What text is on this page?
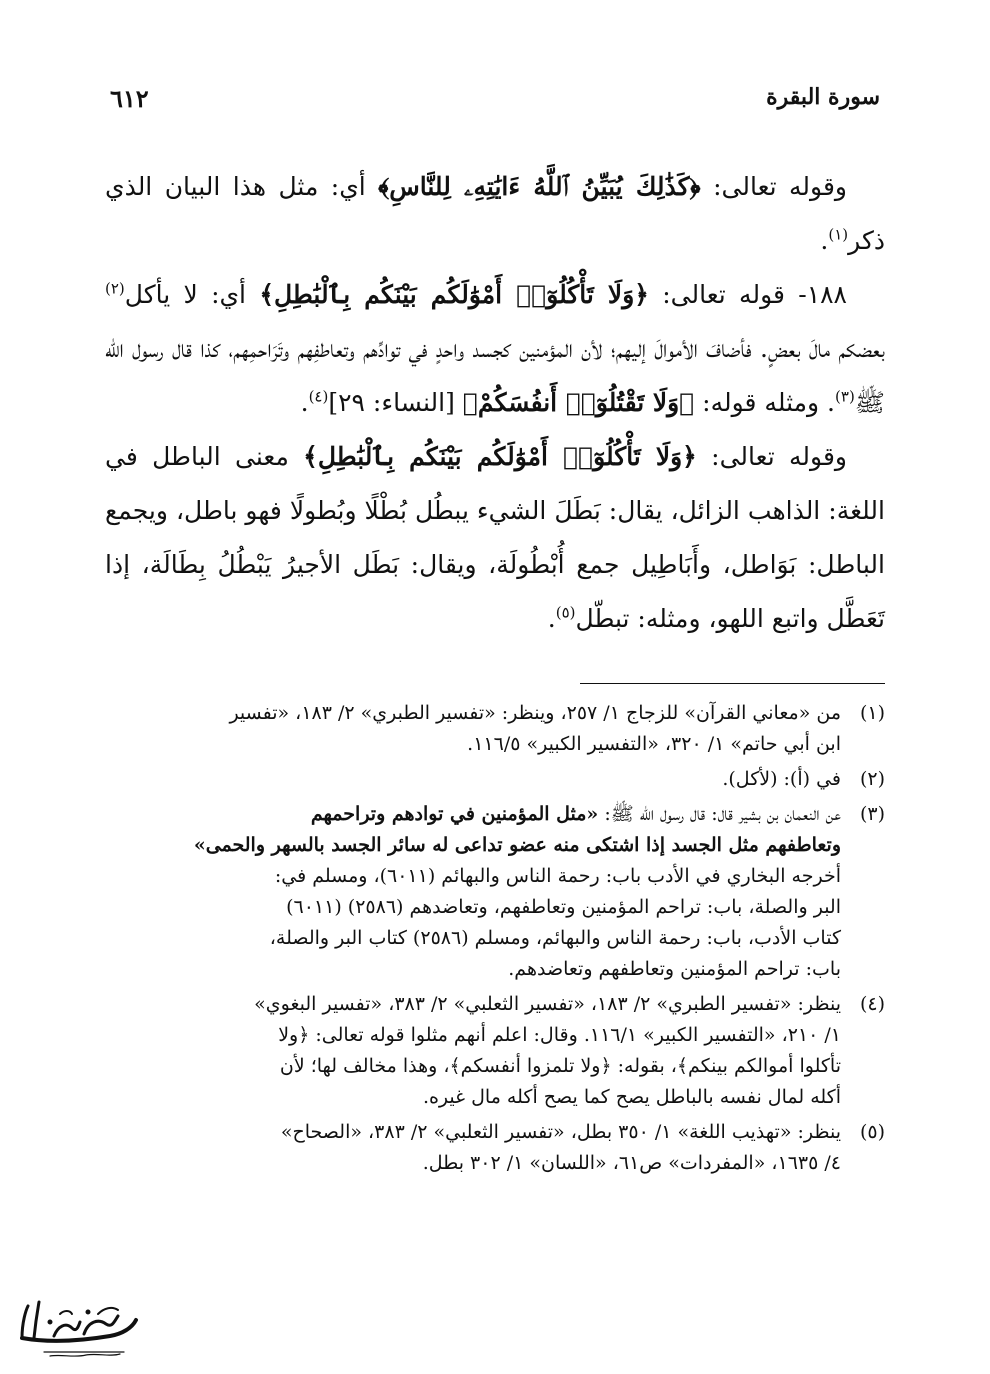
سورة البقرة
٦١٢

وقوله تعالى: ﴿كَذَٰلِكَ يُبَيِّنُ ٱللَّهُ ءَايَٰتِهِۦ لِلنَّاسِ﴾ أي: مثل هذا البيان الذي ذكر$^{(١)}$.

١٨٨- قوله تعالى: ﴿وَلَا تَأْكُلُوٓا۟ أَمْوَٰلَكُم بَيْنَكُم بِٱلْبَٰطِلِ﴾ أي: لا يأكل$^{(٢)}$ بعضكم مالَ بعضٍ. فأضافَ الأموالَ إليهم؛ لأن المؤمنين كجسد واحدٍ في توادِّهم وتعاطفِهم وتَرَاحمِهم، كذا قال رسول الله ﷺ$^{(٣)}$. ومثله قوله: ﴿وَلَا تَقْتُلُوٓا۟ أَنفُسَكُمْ﴾ [النساء: ٢٩]$^{(٤)}$.

وقوله تعالى: ﴿وَلَا تَأْكُلُوٓا۟ أَمْوَٰلَكُم بَيْنَكُم بِٱلْبَٰطِلِ﴾ معنى الباطل في اللغة: الذاهب الزائل، يقال: بَطَلَ الشيء يبطُل بُطْلًا وبُطولًا فهو باطل، ويجمع الباطل: بَوَاطل، وأَبَاطِيل جمع أُبْطُولَة، ويقال: بَطَل الأجيرُ يَبْطُلُ بِطَالَة، إذا تَعَطَّل واتبع اللهو، ومثله: تبطّل$^{(٥)}$.

(١)
من «معاني القرآن» للزجاج ١/ ٢٥٧، وينظر: «تفسير الطبري» ٢/ ١٨٣، «تفسير
ابن أبي حاتم» ١/ ٣٢٠، «التفسير الكبير» ١١٦/٥.
(٢)
في (أ): (لأكل).
(٣)
عن النعمان بن بشير قال: قال رسول الله ﷺ: «مثل المؤمنين في توادهم وتراحمهم
وتعاطفهم مثل الجسد إذا اشتكى منه عضو تداعى له سائر الجسد بالسهر والحمى»
أخرجه البخاري في الأدب باب: رحمة الناس والبهائم (٦٠١١)، ومسلم في:
البر والصلة، باب: تراحم المؤمنين وتعاطفهم، وتعاضدهم (٢٥٨٦) (٦٠١١)
كتاب الأدب، باب: رحمة الناس والبهائم، ومسلم (٢٥٨٦) كتاب البر والصلة،
باب: تراحم المؤمنين وتعاطفهم وتعاضدهم.
(٤)
ينظر: «تفسير الطبري» ٢/ ١٨٣، «تفسير الثعلبي» ٢/ ٣٨٣، «تفسير البغوي»
١/ ٢١٠، «التفسير الكبير» ١١٦/١. وقال: اعلم أنهم مثلوا قوله تعالى: ﴿ولا
تأكلوا أموالكم بينكم﴾، بقوله: ﴿ولا تلمزوا أنفسكم﴾، وهذا مخالف لها؛ لأن
أكله لمال نفسه بالباطل يصح كما يصح أكله مال غيره.
(٥)
ينظر: «تهذيب اللغة» ١/ ٣٥٠ بطل، «تفسير الثعلبي» ٢/ ٣٨٣، «الصحاح»
٤/ ١٦٣٥، «المفردات» ص٦١، «اللسان» ١/ ٣٠٢ بطل.
